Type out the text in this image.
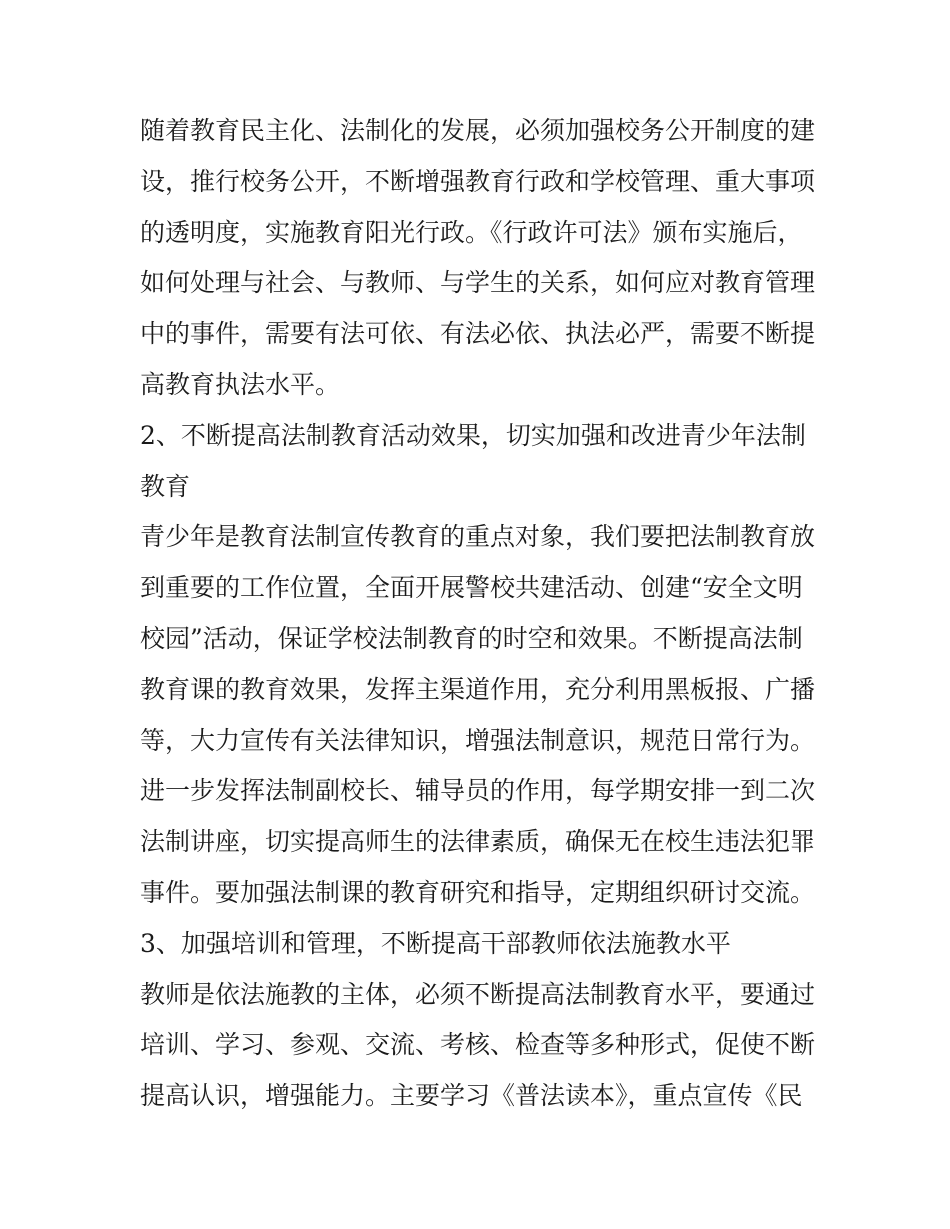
随着教育民主化、法制化的发展，必须加强校务公开制度的建
设，推行校务公开，不断增强教育行政和学校管理、重大事项
的透明度，实施教育阳光行政。《行政许可法》颁布实施后，
如何处理与社会、与教师、与学生的关系，如何应对教育管理
中的事件，需要有法可依、有法必依、执法必严，需要不断提
高教育执法水平。
2、不断提高法制教育活动效果，切实加强和改进青少年法制
教育
青少年是教育法制宣传教育的重点对象，我们要把法制教育放
到重要的工作位置，全面开展警校共建活动、创建“安全文明
校园”活动，保证学校法制教育的时空和效果。不断提高法制
教育课的教育效果，发挥主渠道作用，充分利用黑板报、广播
等，大力宣传有关法律知识，增强法制意识，规范日常行为。
进一步发挥法制副校长、辅导员的作用，每学期安排一到二次
法制讲座，切实提高师生的法律素质，确保无在校生违法犯罪
事件。要加强法制课的教育研究和指导，定期组织研讨交流。
3、加强培训和管理，不断提高干部教师依法施教水平
教师是依法施教的主体，必须不断提高法制教育水平，要通过
培训、学习、参观、交流、考核、检查等多种形式，促使不断
提高认识，增强能力。主要学习《普法读本》，重点宣传《民
